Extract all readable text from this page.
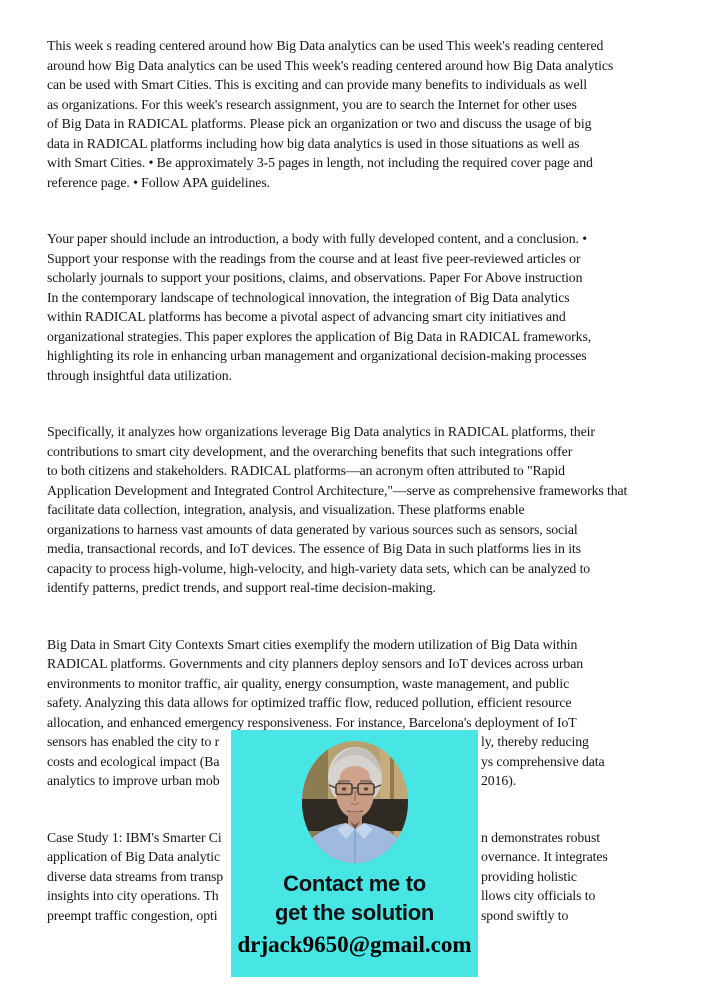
This week s reading centered around how Big Data analytics can be used This week's reading centered
around how Big Data analytics can be used This week's reading centered around how Big Data analytics
can be used with Smart Cities. This is exciting and can provide many benefits to individuals as well
as organizations. For this week's research assignment, you are to search the Internet for other uses
of Big Data in RADICAL platforms. Please pick an organization or two and discuss the usage of big
data in RADICAL platforms including how big data analytics is used in those situations as well as
with Smart Cities. • Be approximately 3-5 pages in length, not including the required cover page and
reference page. • Follow APA guidelines.
Your paper should include an introduction, a body with fully developed content, and a conclusion. •
Support your response with the readings from the course and at least five peer-reviewed articles or
scholarly journals to support your positions, claims, and observations. Paper For Above instruction
In the contemporary landscape of technological innovation, the integration of Big Data analytics
within RADICAL platforms has become a pivotal aspect of advancing smart city initiatives and
organizational strategies. This paper explores the application of Big Data in RADICAL frameworks,
highlighting its role in enhancing urban management and organizational decision-making processes
through insightful data utilization.
Specifically, it analyzes how organizations leverage Big Data analytics in RADICAL platforms, their
contributions to smart city development, and the overarching benefits that such integrations offer
to both citizens and stakeholders. RADICAL platforms—an acronym often attributed to "Rapid
Application Development and Integrated Control Architecture,"—serve as comprehensive frameworks that
facilitate data collection, integration, analysis, and visualization. These platforms enable
organizations to harness vast amounts of data generated by various sources such as sensors, social
media, transactional records, and IoT devices. The essence of Big Data in such platforms lies in its
capacity to process high-volume, high-velocity, and high-variety data sets, which can be analyzed to
identify patterns, predict trends, and support real-time decision-making.
Big Data in Smart City Contexts Smart cities exemplify the modern utilization of Big Data within
RADICAL platforms. Governments and city planners deploy sensors and IoT devices across urban
environments to monitor traffic, air quality, energy consumption, waste management, and public
safety. Analyzing this data allows for optimized traffic flow, reduced pollution, efficient resource
allocation, and enhanced emergency responsiveness. For instance, Barcelona's deployment of IoT
sensors has enabled the city to r	ly, thereby reducing
costs and ecological impact (Ba	ys comprehensive data
analytics to improve urban mob	2016).
Case Study 1: IBM's Smarter Ci	n demonstrates robust
application of Big Data analytic	overnance. It integrates
diverse data streams from transp	providing holistic
insights into city operations. Th	llows city officials to
preempt traffic congestion, opti	spond swiftly to
Contact me to
get the solution
drjack9650@gmail.com
